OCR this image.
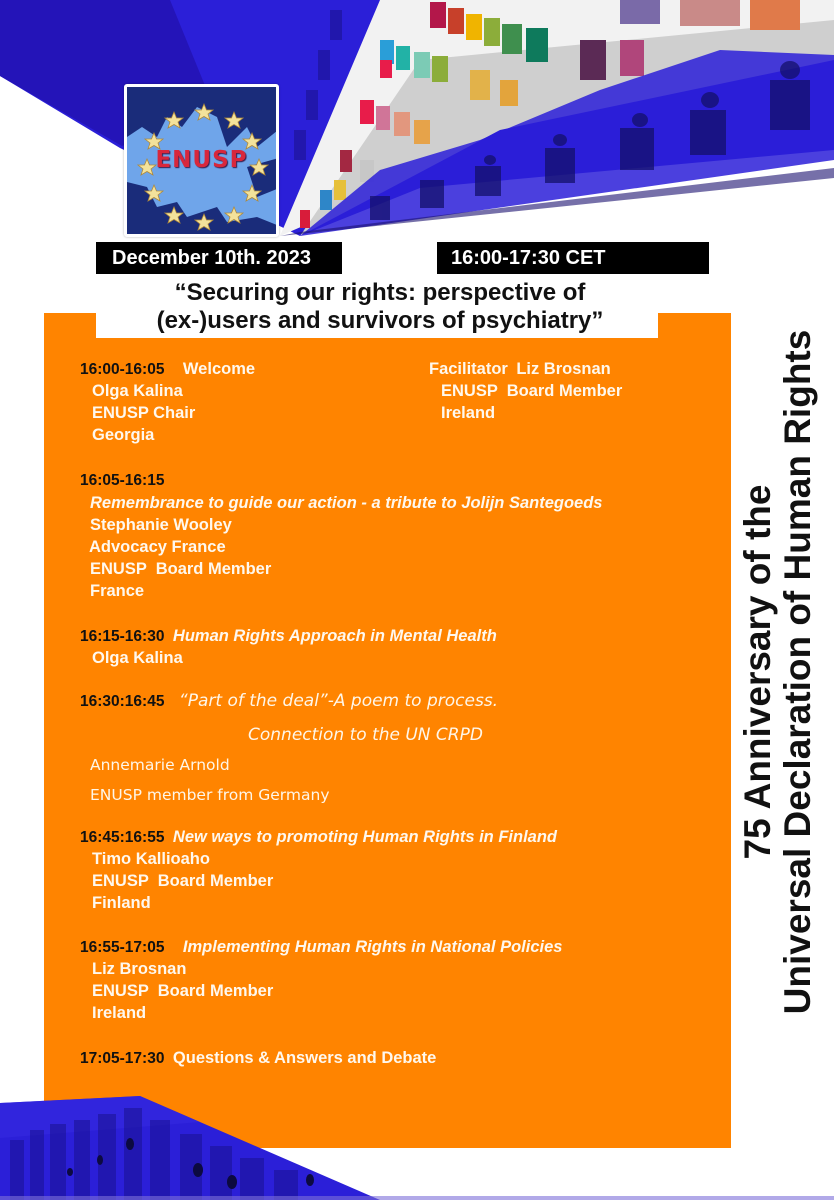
ENUSP
December 10th. 2023	16:00-17:30 CET
“Securing our rights: perspective of
(ex-)users and survivors of psychiatry”
75 Anniversary of the Universal Declaration of Human Rights
16:00-16:05 Welcome
Olga Kalina
ENUSP Chair
Georgia
Facilitator Liz Brosnan
ENUSP  Board Member
Ireland
16:05-16:15
Remembrance to guide our action - a tribute to Jolijn Santegoeds
Stephanie Wooley
Advocacy France
ENUSP  Board Member
France
16:15-16:30 Human Rights Approach in Mental Health
Olga Kalina
16:30:16:45 “Part of the deal”-A poem to process.
Connection to the UN CRPD
Annemarie Arnold
ENUSP member from Germany
16:45:16:55 New ways to promoting Human Rights in Finland
Timo Kallioaho
ENUSP  Board Member
Finland
16:55-17:05 Implementing Human Rights in National Policies
Liz Brosnan
ENUSP  Board Member
Ireland
17:05-17:30 Questions & Answers and Debate
